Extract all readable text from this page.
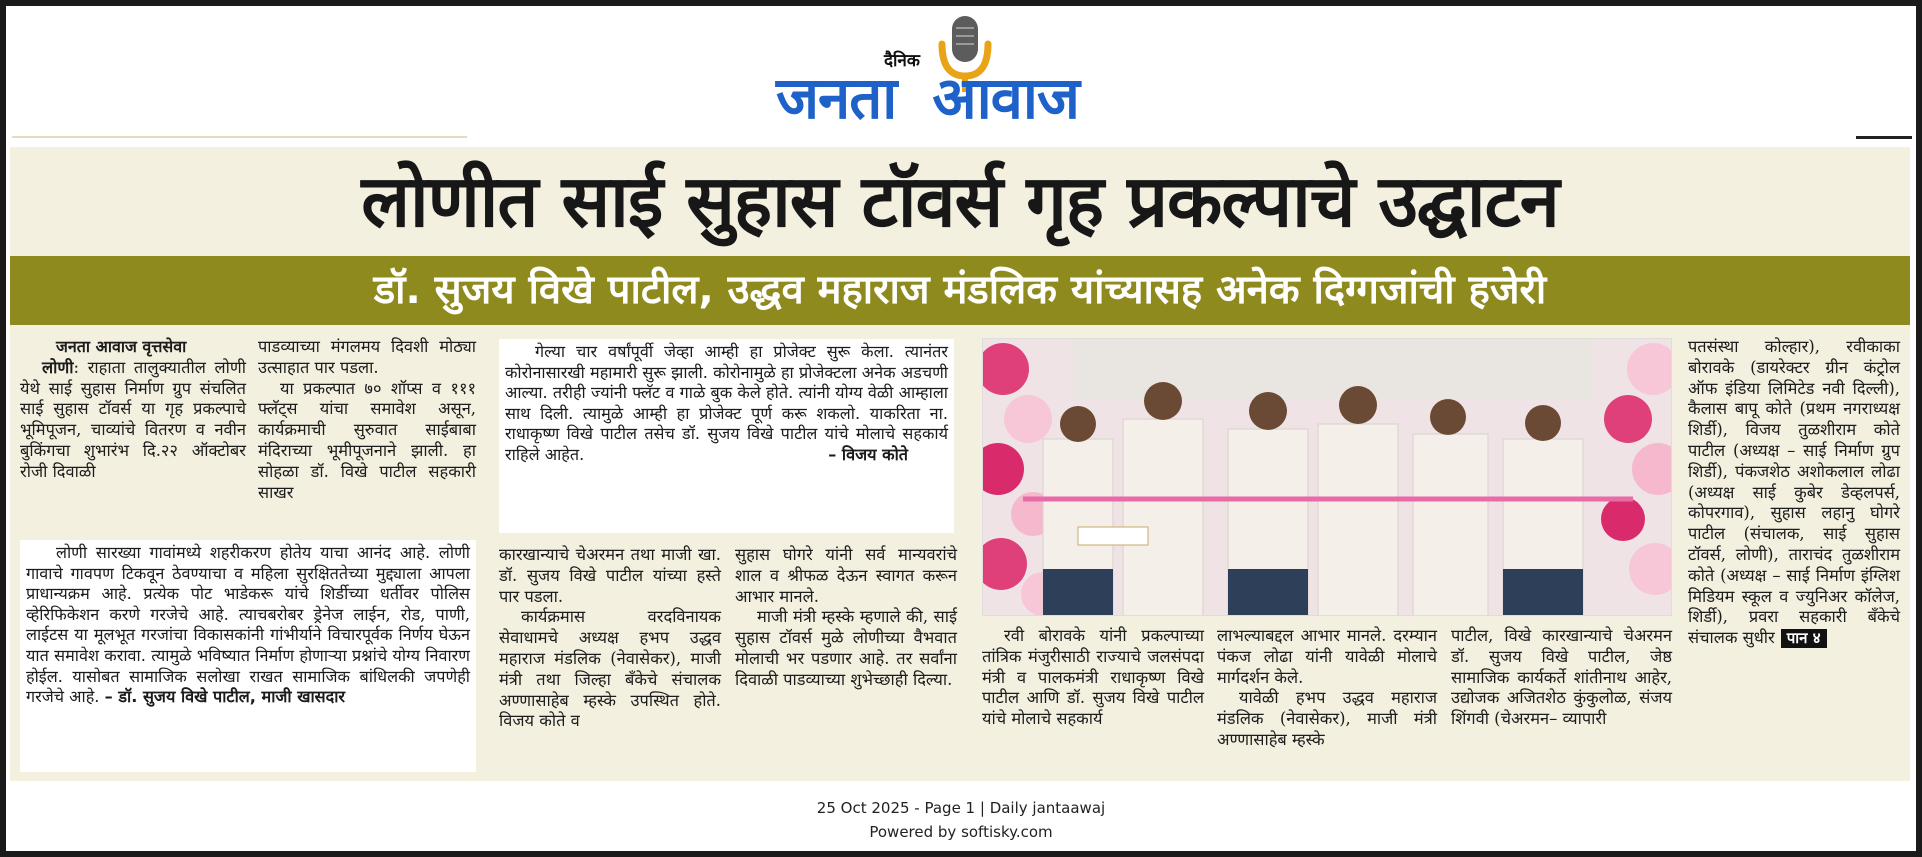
दैनिक
जनता आवाज
लोणीत साई सुहास टॉवर्स गृह प्रकल्पाचे उद्घाटन
डॉ. सुजय विखे पाटील, उद्धव महाराज मंडलिक यांच्यासह अनेक दिग्गजांची हजेरी

जनता आवाज वृत्तसेवा

लोणी: राहाता तालुक्यातील लोणी येथे साई सुहास निर्माण ग्रुप संचलित साई सुहास टॉवर्स या गृह प्रकल्पाचे भूमिपूजन, चाव्यांचे वितरण व नवीन बुकिंगचा शुभारंभ दि.२२ ऑक्टोबर रोजी दिवाळी

पाडव्याच्या मंगलमय दिवशी मोठ्या उत्साहात पार पडला.

या प्रकल्पात ७० शॉप्स व १११ फ्लॅट्स यांचा समावेश असून, कार्यक्रमाची सुरुवात साईबाबा मंदिराच्या भूमीपूजनाने झाली. हा सोहळा डॉ. विखे पाटील सहकारी साखर

लोणी सारख्या गावांमध्ये शहरीकरण होतेय याचा आनंद आहे. लोणी गावाचे गावपण टिकवून ठेवण्याचा व महिला सुरक्षिततेच्या मुद्द्याला आपला प्राधान्यक्रम आहे. प्रत्येक पोट भाडेकरू यांचे शिर्डीच्या धर्तीवर पोलिस व्हेरिफिकेशन करणे गरजेचे आहे. त्याचबरोबर ड्रेनेज लाईन, रोड, पाणी, लाईटस या मूलभूत गरजांचा विकासकांनी गांभीर्याने विचारपूर्वक निर्णय घेऊन यात समावेश करावा. त्यामुळे भविष्यात निर्माण होणाऱ्या प्रश्नांचे योग्य निवारण होईल. यासोबत सामाजिक सलोखा राखत सामाजिक बांधिलकी जपणेही गरजेचे आहे. – डॉ. सुजय विखे पाटील, माजी खासदार

गेल्या चार वर्षांपूर्वी जेव्हा आम्ही हा प्रोजेक्ट सुरू केला. त्यानंतर कोरोनासारखी महामारी सुरू झाली. कोरोनामुळे हा प्रोजेक्टला अनेक अडचणी आल्या. तरीही ज्यांनी फ्लॅट व गाळे बुक केले होते. त्यांनी योग्य वेळी आम्हाला साथ दिली. त्यामुळे आम्ही हा प्रोजेक्ट पूर्ण करू शकलो. याकरिता ना. राधाकृष्ण विखे पाटील तसेच डॉ. सुजय विखे पाटील यांचे मोलाचे सहकार्य राहिले आहेत.	– विजय कोते

कारखान्याचे चेअरमन तथा माजी खा. डॉ. सुजय विखे पाटील यांच्या हस्ते पार पडला.

कार्यक्रमास वरदविनायक सेवाधामचे अध्यक्ष हभप उद्धव महाराज मंडलिक (नेवासेकर), माजी मंत्री तथा जिल्हा बँकेचे संचालक अण्णासाहेब म्हस्के उपस्थित होते. विजय कोते व

सुहास घोगरे यांनी सर्व मान्यवरांचे शाल व श्रीफळ देऊन स्वागत करून आभार मानले.

माजी मंत्री म्हस्के म्हणाले की, साई सुहास टॉवर्स मुळे लोणीच्या वैभवात मोलाची भर पडणार आहे. तर सर्वांना दिवाळी पाडव्याच्या शुभेच्छाही दिल्या.

रवी बोरावके यांनी प्रकल्पाच्या तांत्रिक मंजुरीसाठी राज्याचे जलसंपदा मंत्री व पालकमंत्री राधाकृष्ण विखे पाटील आणि डॉ. सुजय विखे पाटील यांचे मोलाचे सहकार्य

लाभल्याबद्दल आभार मानले. दरम्यान पंकज लोढा यांनी यावेळी मोलाचे मार्गदर्शन केले.

यावेळी हभप उद्धव महाराज मंडलिक (नेवासेकर), माजी मंत्री अण्णासाहेब म्हस्के

पाटील, विखे कारखान्याचे चेअरमन डॉ. सुजय विखे पाटील, जेष्ठ सामाजिक कार्यकर्ते शांतीनाथ आहेर, उद्योजक अजितशेठ कुंकुलोळ, संजय शिंगवी (चेअरमन– व्यापारी

पतसंस्था कोल्हार), रवीकाका बोरावके (डायरेक्टर ग्रीन कंट्रोल ऑफ इंडिया लिमिटेड नवी दिल्ली), कैलास बापू कोते (प्रथम नगराध्यक्ष शिर्डी), विजय तुळशीराम कोते पाटील (अध्यक्ष – साई निर्माण ग्रुप शिर्डी), पंकजशेठ अशोकलाल लोढा (अध्यक्ष साई कुबेर डेव्हलपर्स, कोपरगाव), सुहास लहानु घोगरे पाटील (संचालक, साई सुहास टॉवर्स, लोणी), ताराचंद तुळशीराम कोते (अध्यक्ष – साई निर्माण इंग्लिश मिडियम स्कूल व ज्युनिअर कॉलेज, शिर्डी), प्रवरा सहकारी बँकेचे संचालक सुधीर पान ४

25 Oct 2025 - Page 1 | Daily jantaawaj
Powered by softisky.com
